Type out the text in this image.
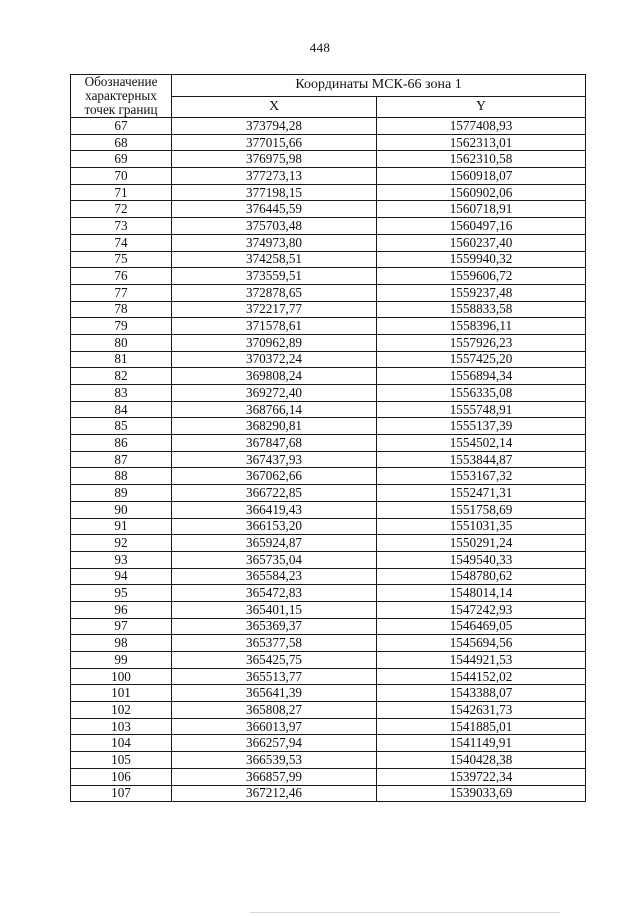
448
Обозначение характерных точек границ	Координаты МСК-66 зона 1	
	X	Y
67	373794,28	1577408,93
68	377015,66	1562313,01
69	376975,98	1562310,58
70	377273,13	1560918,07
71	377198,15	1560902,06
72	376445,59	1560718,91
73	375703,48	1560497,16
74	374973,80	1560237,40
75	374258,51	1559940,32
76	373559,51	1559606,72
77	372878,65	1559237,48
78	372217,77	1558833,58
79	371578,61	1558396,11
80	370962,89	1557926,23
81	370372,24	1557425,20
82	369808,24	1556894,34
83	369272,40	1556335,08
84	368766,14	1555748,91
85	368290,81	1555137,39
86	367847,68	1554502,14
87	367437,93	1553844,87
88	367062,66	1553167,32
89	366722,85	1552471,31
90	366419,43	1551758,69
91	366153,20	1551031,35
92	365924,87	1550291,24
93	365735,04	1549540,33
94	365584,23	1548780,62
95	365472,83	1548014,14
96	365401,15	1547242,93
97	365369,37	1546469,05
98	365377,58	1545694,56
99	365425,75	1544921,53
100	365513,77	1544152,02
101	365641,39	1543388,07
102	365808,27	1542631,73
103	366013,97	1541885,01
104	366257,94	1541149,91
105	366539,53	1540428,38
106	366857,99	1539722,34
107	367212,46	1539033,69
